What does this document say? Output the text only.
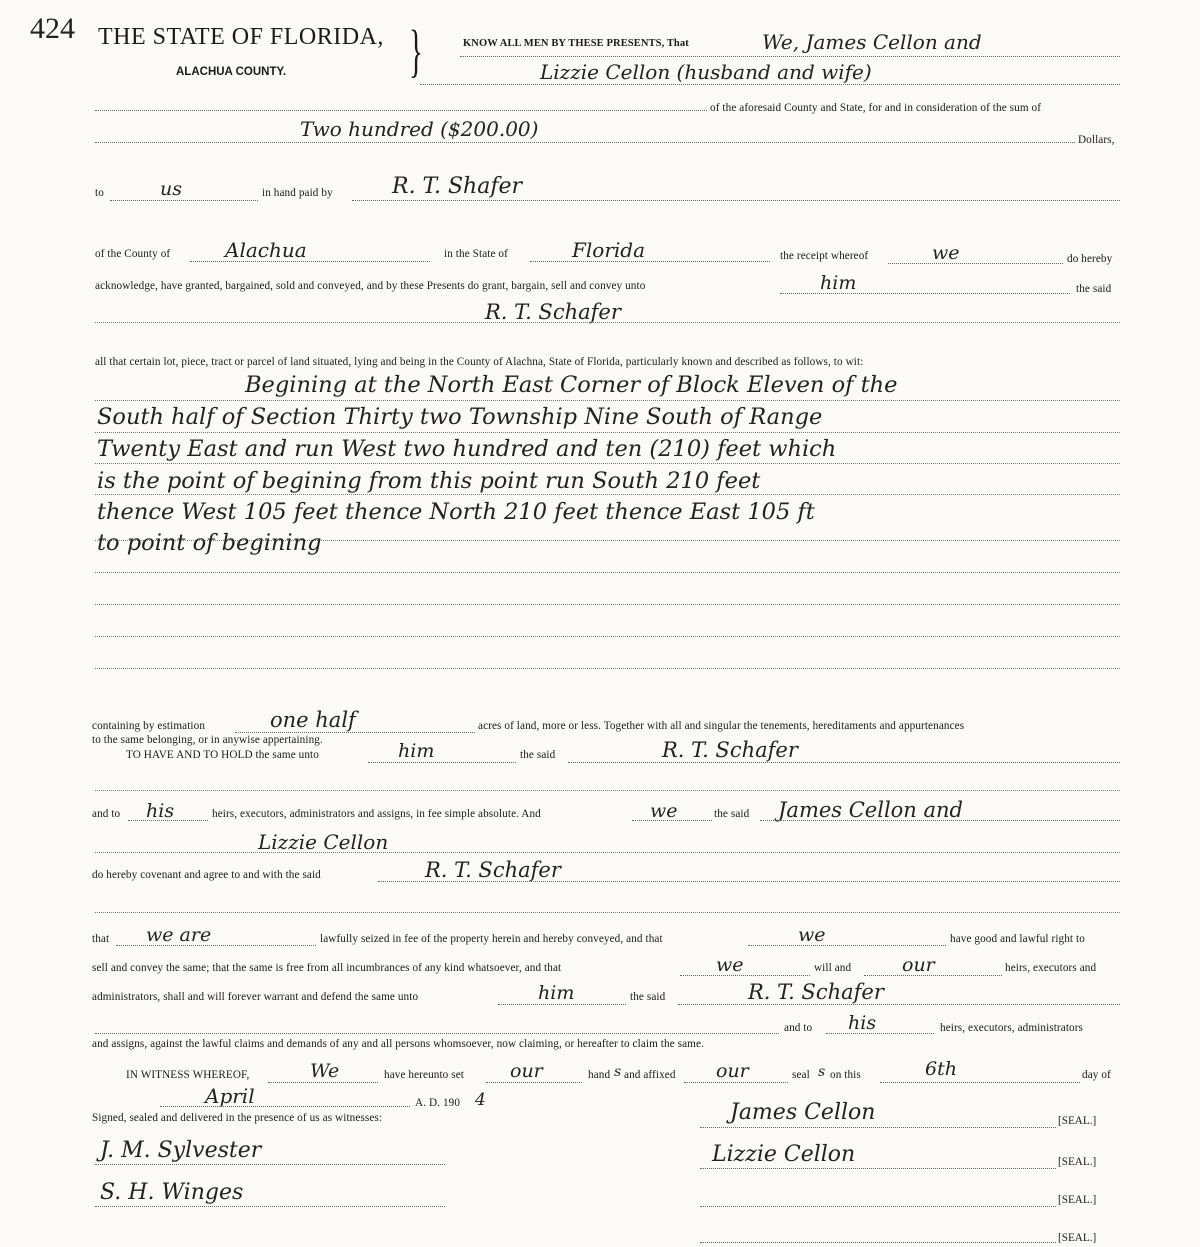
424 THE STATE OF FLORIDA, }
ALACHUA COUNTY.
KNOW ALL MEN BY THESE PRESENTS, That	We, James Cellon and
Lizzie Cellon (husband and wife)
of the aforesaid County and State, for and in consideration of the sum of
Two hundred ($200.00)	Dollars,
to	us	in hand paid by	R. T. Shafer
of the County of	Alachua	in the State of	Florida	the receipt whereof	we	do hereby
acknowledge, have granted, bargained, sold and conveyed, and by these Presents do grant, bargain, sell and convey unto	him	the said
R. T. Schafer
all that certain lot, piece, tract or parcel of land situated, lying and being in the County of Alachna, State of Florida, particularly known and described as follows, to wit:
Begining at the North East Corner of Block Eleven of the
South half of Section Thirty two Township Nine South of Range
Twenty East and run West two hundred and ten (210) feet which
is the point of begining from this point run South 210 feet
thence West 105 feet thence North 210 feet thence East 105 ft
to point of begining
containing by estimation	one half	acres of land, more or less. Together with all and singular the tenements, hereditaments and appurtenances
to the same belonging, or in anywise appertaining.
TO HAVE AND TO HOLD the same unto	him	the said	R. T. Schafer
and to his	heirs, executors, administrators and assigns, in fee simple absolute. And	we	the said James Cellon and
Lizzie Cellon
do hereby covenant and agree to and with the said	R. T. Schafer
that we are	lawfully seized in fee of the property herein and hereby conveyed, and that	we	have good and lawful right to
sell and convey the same; that the same is free from all incumbrances of any kind whatsoever, and that	we	will and	our	heirs, executors and
administrators, shall and will forever warrant and defend the same unto	him	the said	R. T. Schafer
and to his	heirs, executors, administrators
and assigns, against the lawful claims and demands of any and all persons whomsoever, now claiming, or hereafter to claim the same.
IN WITNESS WHEREOF,	We	have hereunto set our	hand s and affixed our	seal s on this	6th	day of
April	A. D. 190 4
Signed, sealed and delivered in the presence of us as witnesses:
J. M. Sylvester
S. H. Winges
James Cellon	[SEAL.]
Lizzie Cellon	[SEAL.]
[SEAL.]
[SEAL.]
